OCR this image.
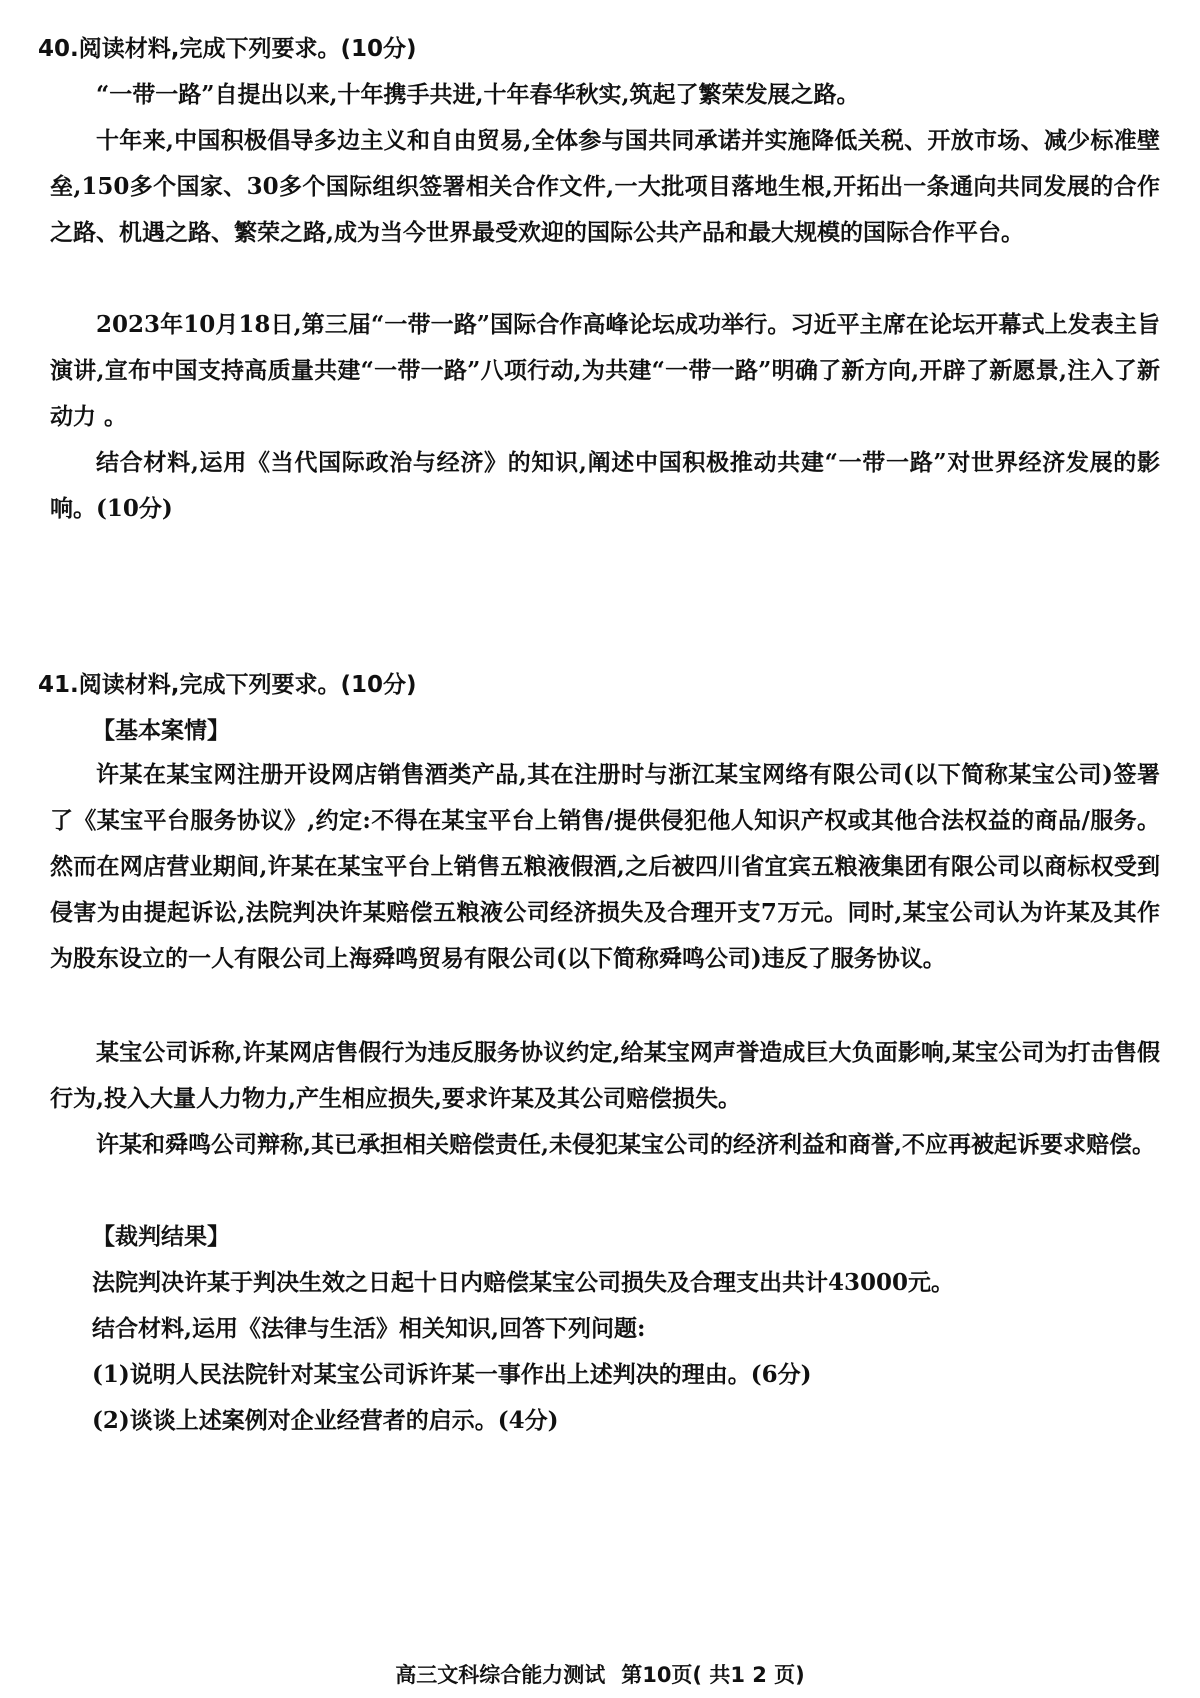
40.阅读材料,完成下列要求。(10分)
“一带一路”自提出以来,十年携手共进,十年春华秋实,筑起了繁荣发展之路。
十年来,中国积极倡导多边主义和自由贸易,全体参与国共同承诺并实施降低关税、开放市场、减少标准壁垒,150多个国家、30多个国际组织签署相关合作文件,一大批项目落地生根,开拓出一条通向共同发展的合作之路、机遇之路、繁荣之路,成为当今世界最受欢迎的国际公共产品和最大规模的国际合作平台。
2023年10月18日,第三届“一带一路”国际合作高峰论坛成功举行。习近平主席在论坛开幕式上发表主旨演讲,宣布中国支持高质量共建“一带一路”八项行动,为共建“一带一路”明确了新方向,开辟了新愿景,注入了新动力 。
结合材料,运用《当代国际政治与经济》的知识,阐述中国积极推动共建“一带一路”对世界经济发展的影响。(10分)
41.阅读材料,完成下列要求。(10分)
【基本案情】
许某在某宝网注册开设网店销售酒类产品,其在注册时与浙江某宝网络有限公司(以下简称某宝公司)签署了《某宝平台服务协议》,约定:不得在某宝平台上销售/提供侵犯他人知识产权或其他合法权益的商品/服务。然而在网店营业期间,许某在某宝平台上销售五粮液假酒,之后被四川省宜宾五粮液集团有限公司以商标权受到侵害为由提起诉讼,法院判决许某赔偿五粮液公司经济损失及合理开支7万元。同时,某宝公司认为许某及其作为股东设立的一人有限公司上海舜鸣贸易有限公司(以下简称舜鸣公司)违反了服务协议。
某宝公司诉称,许某网店售假行为违反服务协议约定,给某宝网声誉造成巨大负面影响,某宝公司为打击售假行为,投入大量人力物力,产生相应损失,要求许某及其公司赔偿损失。
许某和舜鸣公司辩称,其已承担相关赔偿责任,未侵犯某宝公司的经济利益和商誉,不应再被起诉要求赔偿。
【裁判结果】
法院判决许某于判决生效之日起十日内赔偿某宝公司损失及合理支出共计43000元。
结合材料,运用《法律与生活》相关知识,回答下列问题:
(1)说明人民法院针对某宝公司诉许某一事作出上述判决的理由。(6分)
(2)谈谈上述案例对企业经营者的启示。(4分)
高三文科综合能力测试 第10页( 共1 2 页)
